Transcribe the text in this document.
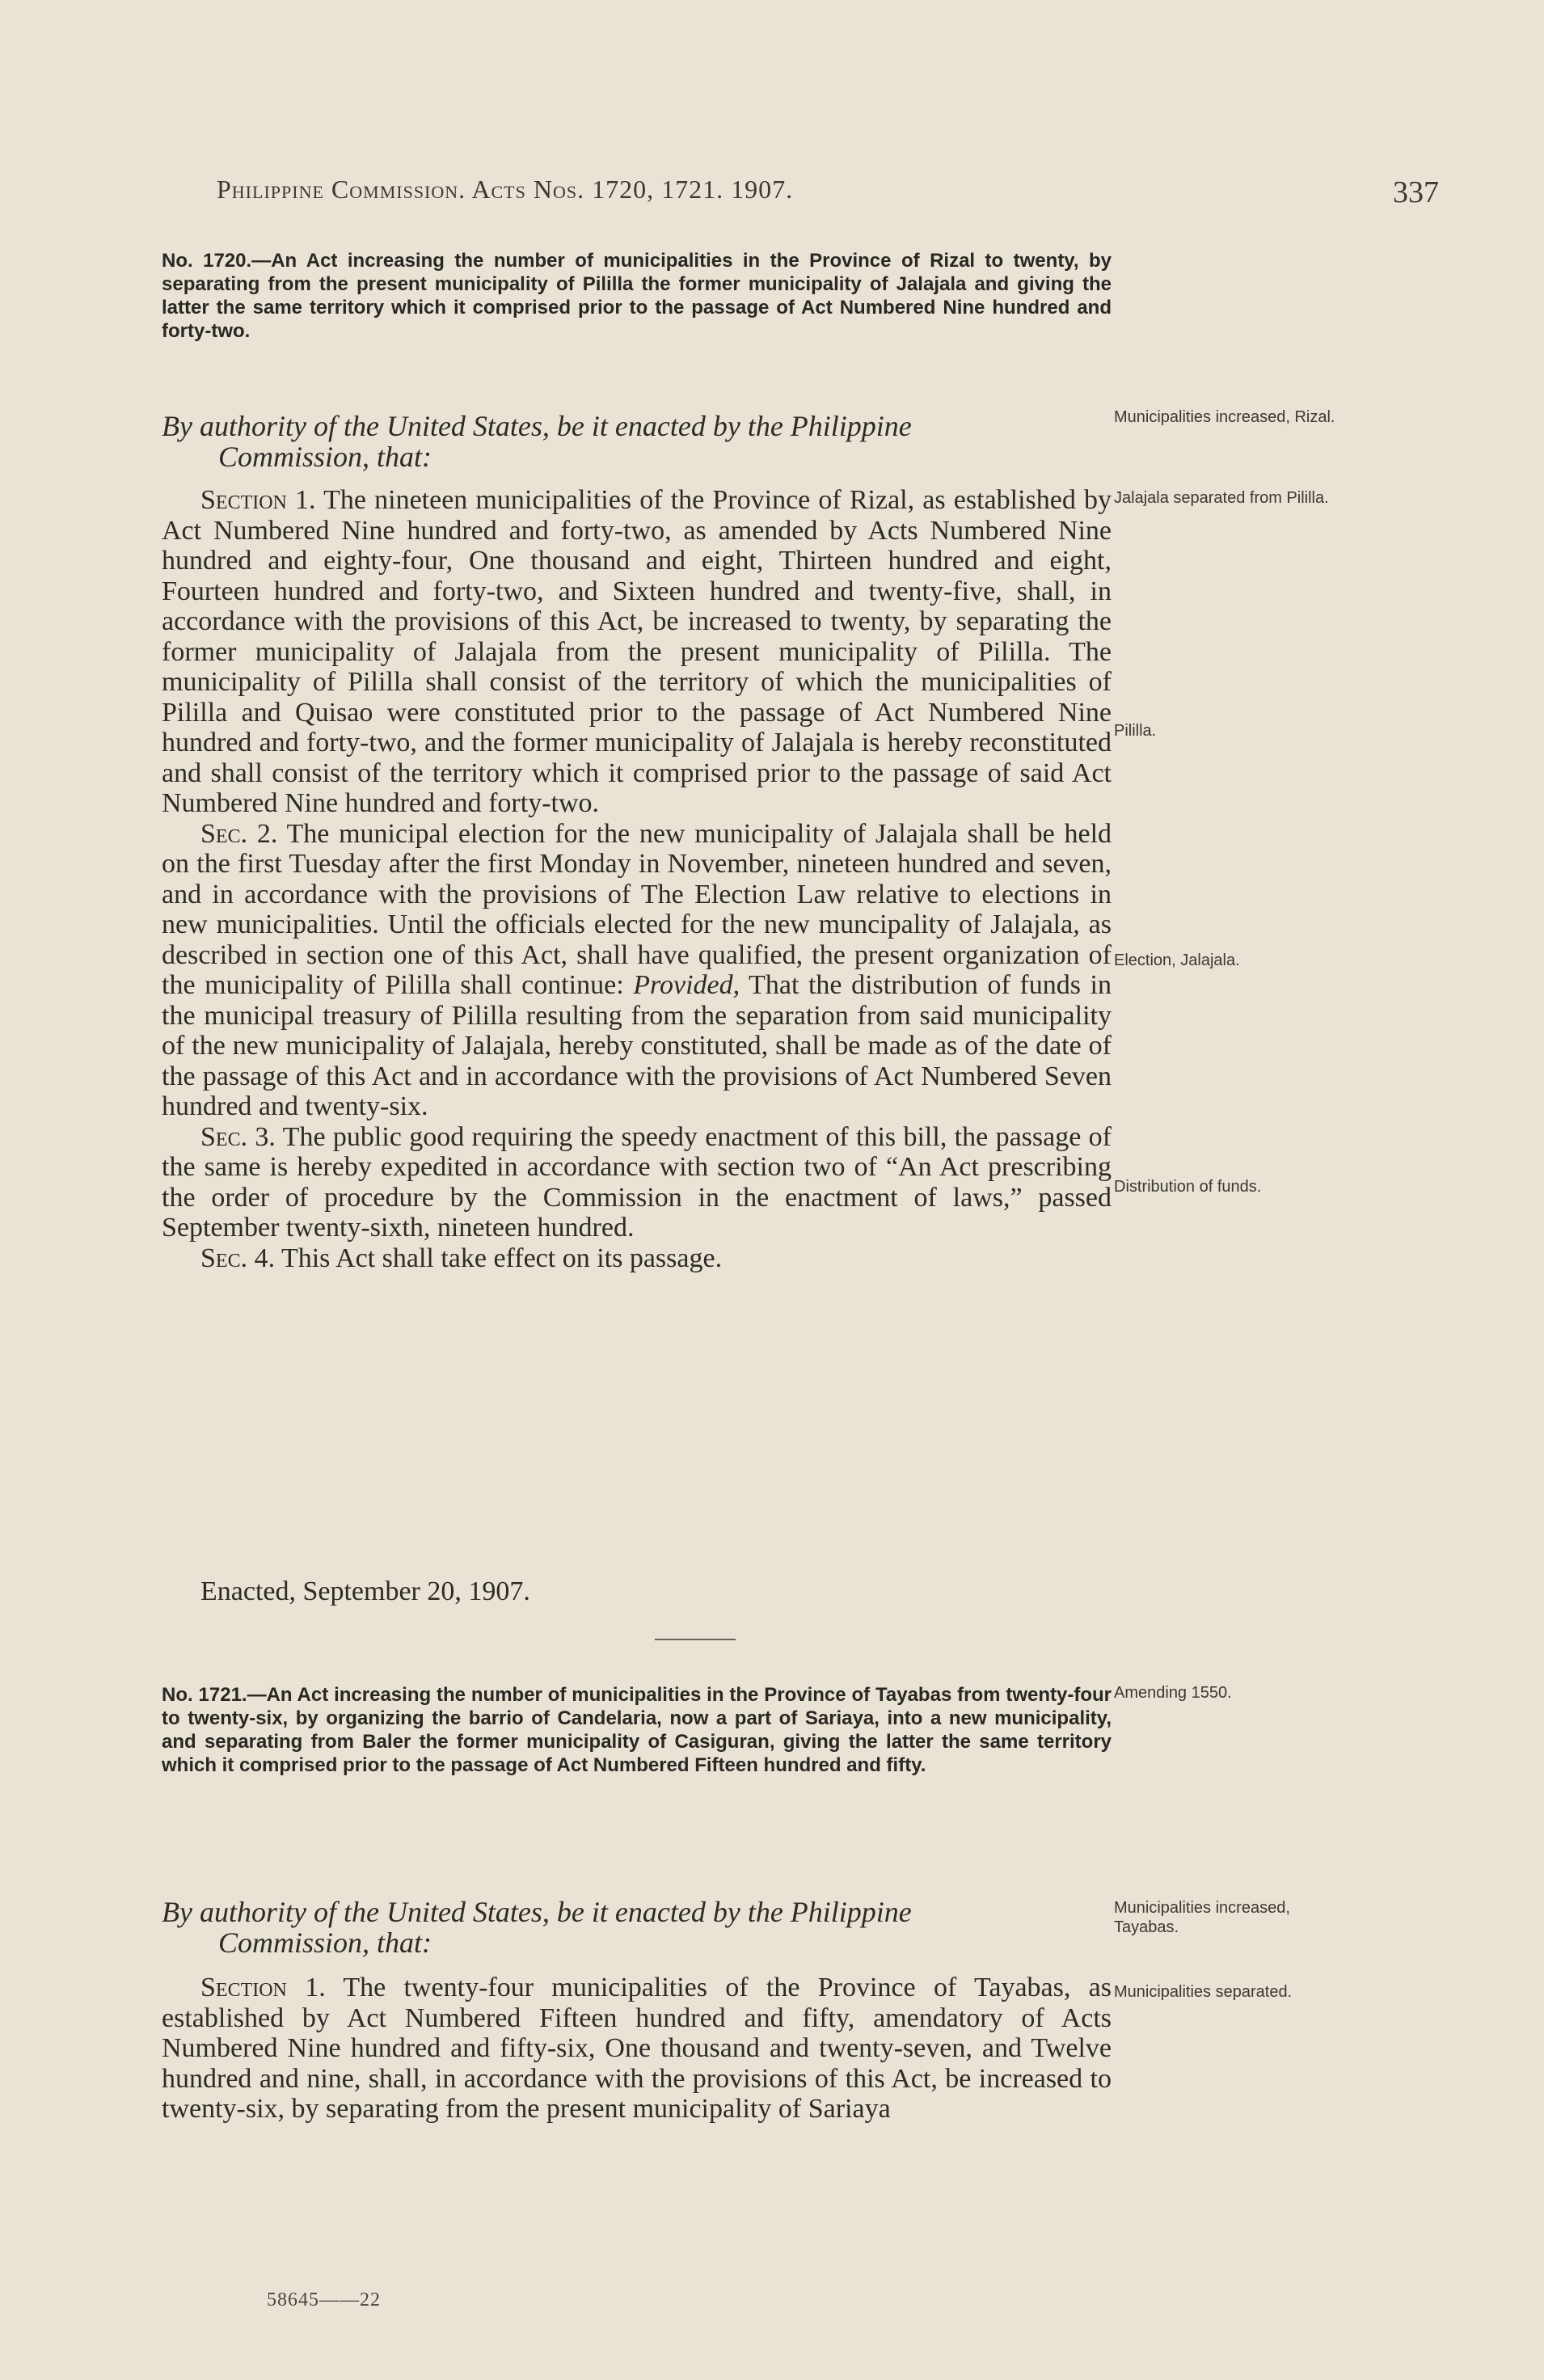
Philippine Commission. Acts Nos. 1720, 1721. 1907.	337
No. 1720.—An Act increasing the number of municipalities in the Province of Rizal to twenty, by separating from the present municipality of Pililla the former municipality of Jalajala and giving the latter the same territory which it comprised prior to the passage of Act Numbered Nine hundred and forty-two.
By authority of the United States, be it enacted by the Philippine
Commission, that:

Section 1. The nineteen municipalities of the Province of Rizal, as established by Act Numbered Nine hundred and forty-two, as amended by Acts Numbered Nine hundred and eighty-four, One thousand and eight, Thirteen hundred and eight, Fourteen hundred and forty-two, and Sixteen hundred and twenty-five, shall, in accordance with the provisions of this Act, be increased to twenty, by separating the former municipality of Jalajala from the present municipality of Pililla. The municipality of Pililla shall consist of the territory of which the municipalities of Pililla and Quisao were constituted prior to the passage of Act Numbered Nine hundred and forty-two, and the former municipality of Jalajala is hereby reconstituted and shall consist of the territory which it comprised prior to the passage of said Act Numbered Nine hundred and forty-two.

Sec. 2. The municipal election for the new municipality of Jalajala shall be held on the first Tuesday after the first Monday in November, nineteen hundred and seven, and in accordance with the provisions of The Election Law relative to elections in new municipalities. Until the officials elected for the new muncipality of Jalajala, as described in section one of this Act, shall have qualified, the present organization of the municipality of Pililla shall continue: Provided, That the distribution of funds in the municipal treasury of Pililla resulting from the separation from said municipality of the new municipality of Jalajala, hereby constituted, shall be made as of the date of the passage of this Act and in accordance with the provisions of Act Numbered Seven hundred and twenty-six.

Sec. 3. The public good requiring the speedy enactment of this bill, the passage of the same is hereby expedited in accordance with section two of “An Act prescribing the order of procedure by the Commission in the enactment of laws,” passed September twenty-sixth, nineteen hundred.

Sec. 4. This Act shall take effect on its passage.

Enacted, September 20, 1907.
No. 1721.—An Act increasing the number of municipalities in the Province of Tayabas from twenty-four to twenty-six, by organizing the barrio of Candelaria, now a part of Sariaya, into a new municipality, and separating from Baler the former municipality of Casiguran, giving the latter the same territory which it comprised prior to the passage of Act Numbered Fifteen hundred and fifty.
By authority of the United States, be it enacted by the Philippine
Commission, that:

Section 1. The twenty-four municipalities of the Province of Tayabas, as established by Act Numbered Fifteen hundred and fifty, amendatory of Acts Numbered Nine hundred and fifty-six, One thousand and twenty-seven, and Twelve hundred and nine, shall, in accordance with the provisions of this Act, be increased to twenty-six, by separating from the present municipality of Sariaya

Municipalities increased, Rizal.
Jalajala separated from Pililla.
Pililla.
Election, Jalajala.
Distribution of funds.
Amending 1550.
Municipalities increased, Tayabas.
Municipalities separated.
58645——22
